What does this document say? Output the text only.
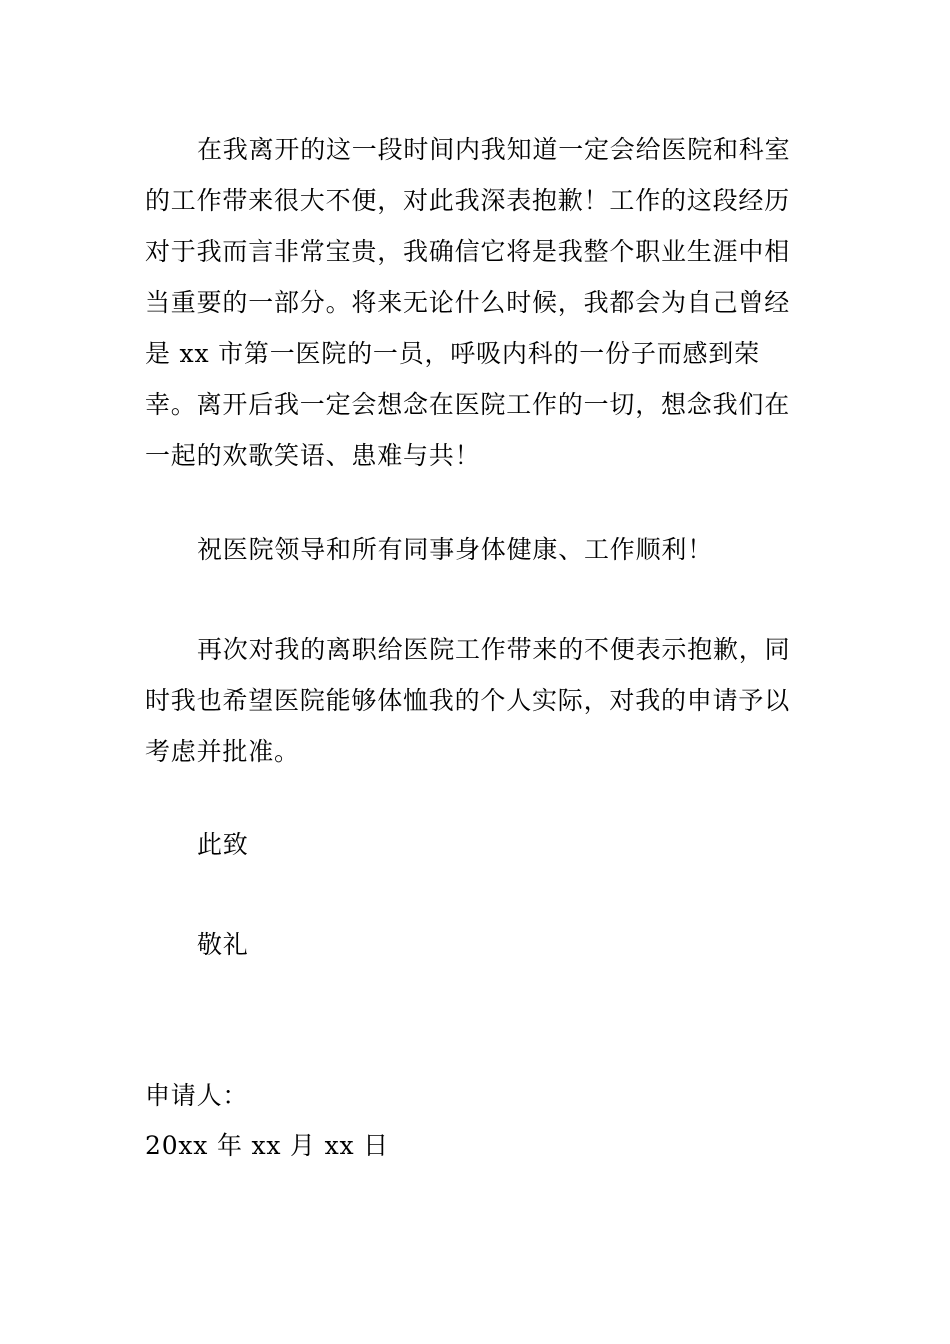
在我离开的这一段时间内我知道一定会给医院和科室的工作带来很大不便，对此我深表抱歉！工作的这段经历对于我而言非常宝贵，我确信它将是我整个职业生涯中相当重要的一部分。将来无论什么时候，我都会为自己曾经是 xx 市第一医院的一员，呼吸内科的一份子而感到荣幸。离开后我一定会想念在医院工作的一切，想念我们在一起的欢歌笑语、患难与共！

祝医院领导和所有同事身体健康、工作顺利！

再次对我的离职给医院工作带来的不便表示抱歉，同时我也希望医院能够体恤我的个人实际，对我的申请予以考虑并批准。

此致

敬礼

申请人：

20xx 年 xx 月 xx 日
